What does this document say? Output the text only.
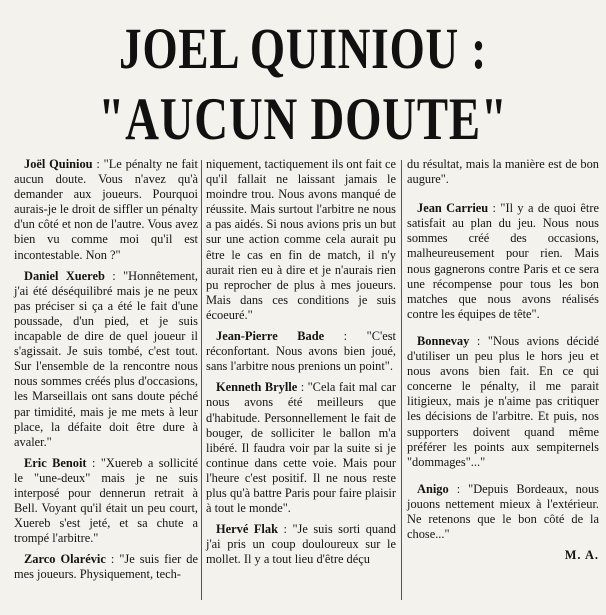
JOEL QUINIOU :
"AUCUN DOUTE"

Joël Quiniou : "Le pénalty ne fait aucun doute. Vous n'avez qu'à demander aux joueurs. Pourquoi aurais-je le droit de siffler un pénalty d'un côté et non de l'autre. Vous avez bien vu comme moi qu'il est incontestable. Non ?"

Daniel Xuereb : "Honnêtement, j'ai été déséquilibré mais je ne peux pas préciser si ça a été le fait d'une poussade, d'un pied, et je suis incapable de dire de quel joueur il s'agissait. Je suis tombé, c'est tout. Sur l'ensemble de la rencontre nous nous sommes créés plus d'occasions, les Marseillais ont sans doute péché par timidité, mais je me mets à leur place, la défaite doit être dure à avaler."

Eric Benoit : "Xuereb a sollicité le "une-deux" mais je ne suis interposé pour dennerun retrait à Bell. Voyant qu'il était un peu court, Xuereb s'est jeté, et sa chute a trompé l'arbitre."

Zarco Olarévic : "Je suis fier de mes joueurs. Physiquement, tech-

niquement, tactiquement ils ont fait ce qu'il fallait ne laissant jamais le moindre trou. Nous avons manqué de réussite. Mais surtout l'arbitre ne nous a pas aidés. Si nous avions pris un but sur une action comme cela aurait pu être le cas en fin de match, il n'y aurait rien eu à dire et je n'aurais rien pu reprocher de plus à mes joueurs. Mais dans ces conditions je suis écoeuré."

Jean-Pierre Bade : "C'est réconfortant. Nous avons bien joué, sans l'arbitre nous prenions un point".

Kenneth Brylle : "Cela fait mal car nous avons été meilleurs que d'habitude. Personnellement le fait de bouger, de solliciter le ballon m'a libéré. Il faudra voir par la suite si je continue dans cette voie. Mais pour l'heure c'est positif. Il ne nous reste plus qu'à battre Paris pour faire plaisir à tout le monde".

Hervé Flak : "Je suis sorti quand j'ai pris un coup douloureux sur le mollet. Il y a tout lieu d'être déçu

du résultat, mais la manière est de bon augure".

Jean Carrieu : "Il y a de quoi être satisfait au plan du jeu. Nous nous sommes créé des occasions, malheureusement pour rien. Mais nous gagnerons contre Paris et ce sera une récompense pour tous les bon matches que nous avons réalisés contre les équipes de tête".

Bonnevay : "Nous avions décidé d'utiliser un peu plus le hors jeu et nous avons bien fait. En ce qui concerne le pénalty, il me parait litigieux, mais je n'aime pas critiquer les décisions de l'arbitre. Et puis, nos supporters doivent quand même préférer les points aux sempiternels "dommages"..."

Anigo : "Depuis Bordeaux, nous jouons nettement mieux à l'extérieur. Ne retenons que le bon côté de la chose..."

M. A.
